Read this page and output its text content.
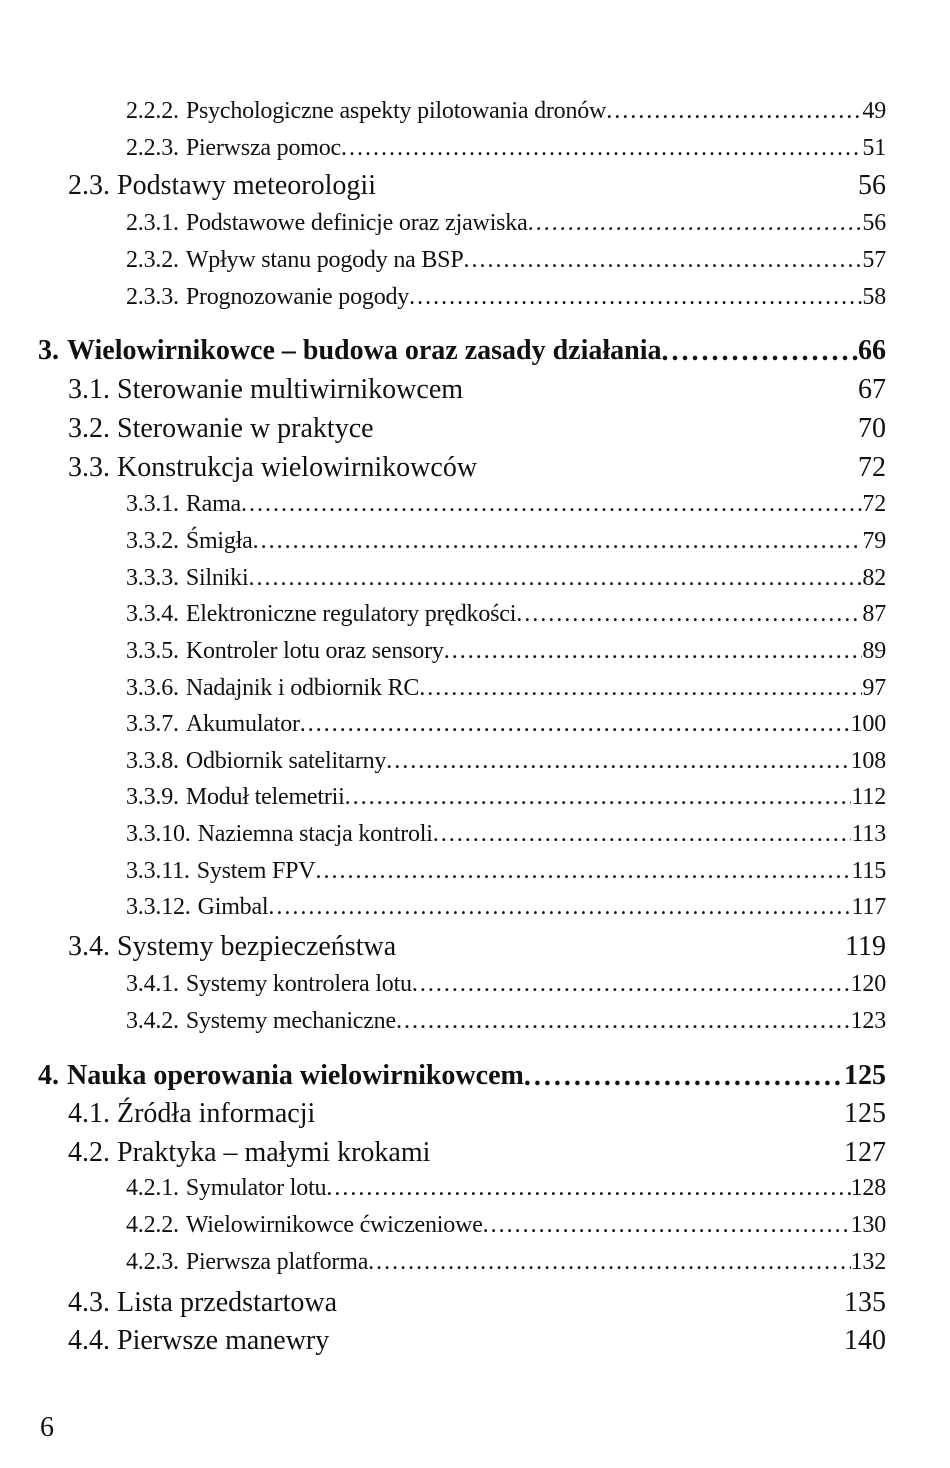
2.2.2. Psychologiczne aspekty pilotowania dronów . . .	49
2.2.3. Pierwsza pomoc . . .	51
2.3. Podstawy meteorologii	56
2.3.1. Podstawowe definicje oraz zjawiska . . .	56
2.3.2. Wpływ stanu pogody na BSP . . .	57
2.3.3. Prognozowanie pogody . . .	58
3. Wielowirnikowce – budowa oraz zasady działania . . .	66
3.1. Sterowanie multiwirnikowcem	67
3.2. Sterowanie w praktyce	70
3.3. Konstrukcja wielowirnikowców	72
3.3.1. Rama . . .	72
3.3.2. Śmigła . . .	79
3.3.3. Silniki . . .	82
3.3.4. Elektroniczne regulatory prędkości . . .	87
3.3.5. Kontroler lotu oraz sensory . . .	89
3.3.6. Nadajnik i odbiornik RC . . .	97
3.3.7. Akumulator . . .	100
3.3.8. Odbiornik satelitarny . . .	108
3.3.9. Moduł telemetrii . . .	112
3.3.10. Naziemna stacja kontroli . . .	113
3.3.11. System FPV . . .	115
3.3.12. Gimbal . . .	117
3.4. Systemy bezpieczeństwa	119
3.4.1. Systemy kontrolera lotu . . .	120
3.4.2. Systemy mechaniczne . . .	123
4. Nauka operowania wielowirnikowcem . . .	125
4.1. Źródła informacji	125
4.2. Praktyka – małymi krokami	127
4.2.1. Symulator lotu . . .	128
4.2.2. Wielowirnikowce ćwiczeniowe . . .	130
4.2.3. Pierwsza platforma . . .	132
4.3. Lista przedstartowa	135
4.4. Pierwsze manewry	140
6
